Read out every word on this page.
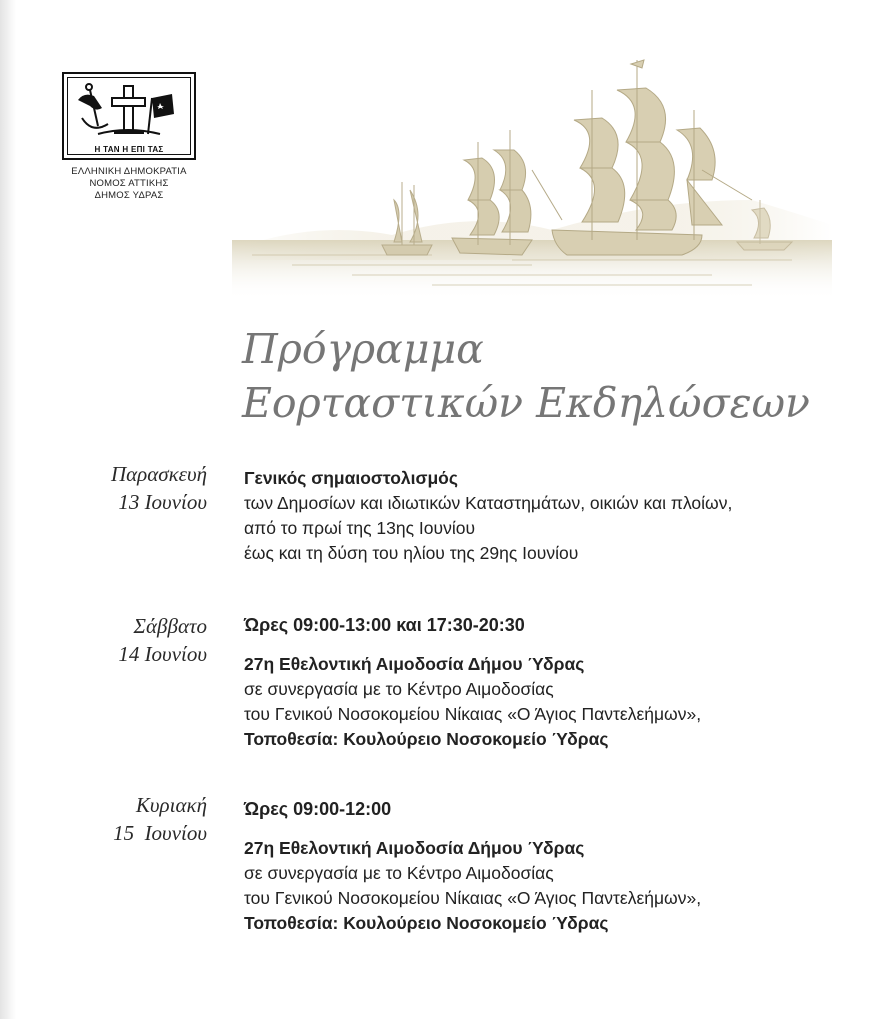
Η ΤΑΝ Η ΕΠΙ ΤΑΣ
ΕΛΛΗΝΙΚΗ ΔΗΜΟΚΡΑΤΙΑ
ΝΟΜΟΣ ΑΤΤΙΚΗΣ
ΔΗΜΟΣ ΥΔΡΑΣ
Πρόγραμμα
Εορταστικών Εκδηλώσεων
Παρασκευή
13 Ιουνίου
Γενικός σημαιοστολισμός
των Δημοσίων και ιδιωτικών Καταστημάτων, οικιών και πλοίων,
από το πρωί της 13ης Ιουνίου
έως και τη δύση του ηλίου της 29ης Ιουνίου
Σάββατο
14 Ιουνίου
Ώρες 09:00-13:00 και 17:30-20:30
27η Εθελοντική Αιμοδοσία Δήμου Ύδρας
σε συνεργασία με το Κέντρο Αιμοδοσίας
του Γενικού Νοσοκομείου Νίκαιας «Ο Άγιος Παντελεήμων»,
Τοποθεσία: Κουλούρειο Νοσοκομείο Ύδρας
Κυριακή
15  Ιουνίου
Ώρες 09:00-12:00
27η Εθελοντική Αιμοδοσία Δήμου Ύδρας
σε συνεργασία με το Κέντρο Αιμοδοσίας
του Γενικού Νοσοκομείου Νίκαιας «Ο Άγιος Παντελεήμων»,
Τοποθεσία: Κουλούρειο Νοσοκομείο Ύδρας
